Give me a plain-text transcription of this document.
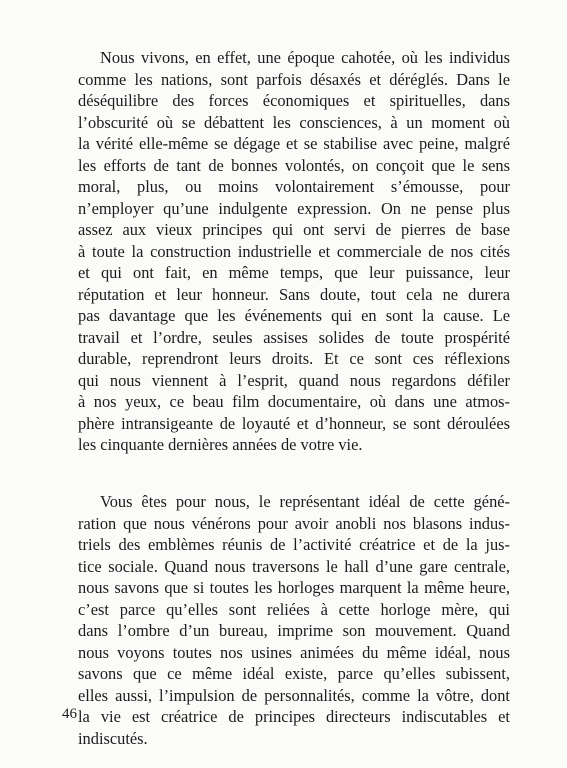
Nous vivons, en effet, une époque cahotée, où les individus
comme les nations, sont parfois désaxés et déréglés. Dans le
déséquilibre des forces économiques et spirituelles, dans
l’obscurité où se débattent les consciences, à un moment où
la vérité elle-même se dégage et se stabilise avec peine, malgré
les efforts de tant de bonnes volontés, on conçoit que le sens
moral, plus, ou moins volontairement s’émousse, pour
n’employer qu’une indulgente expression. On ne pense plus
assez aux vieux principes qui ont servi de pierres de base
à toute la construction industrielle et commerciale de nos cités
et qui ont fait, en même temps, que leur puissance, leur
réputation et leur honneur. Sans doute, tout cela ne durera
pas davantage que les événements qui en sont la cause. Le
travail et l’ordre, seules assises solides de toute prospérité
durable, reprendront leurs droits. Et ce sont ces réflexions
qui nous viennent à l’esprit, quand nous regardons défiler
à nos yeux, ce beau film documentaire, où dans une atmos-
phère intransigeante de loyauté et d’honneur, se sont déroulées
les cinquante dernières années de votre vie.
Vous êtes pour nous, le représentant idéal de cette géné-
ration que nous vénérons pour avoir anobli nos blasons indus-
triels des emblèmes réunis de l’activité créatrice et de la jus-
tice sociale. Quand nous traversons le hall d’une gare centrale,
nous savons que si toutes les horloges marquent la même heure,
c’est parce qu’elles sont reliées à cette horloge mère, qui
dans l’ombre d’un bureau, imprime son mouvement. Quand
nous voyons toutes nos usines animées du même idéal, nous
savons que ce même idéal existe, parce qu’elles subissent,
elles aussi, l’impulsion de personnalités, comme la vôtre, dont
la vie est créatrice de principes directeurs indiscutables et
indiscutés.
46
